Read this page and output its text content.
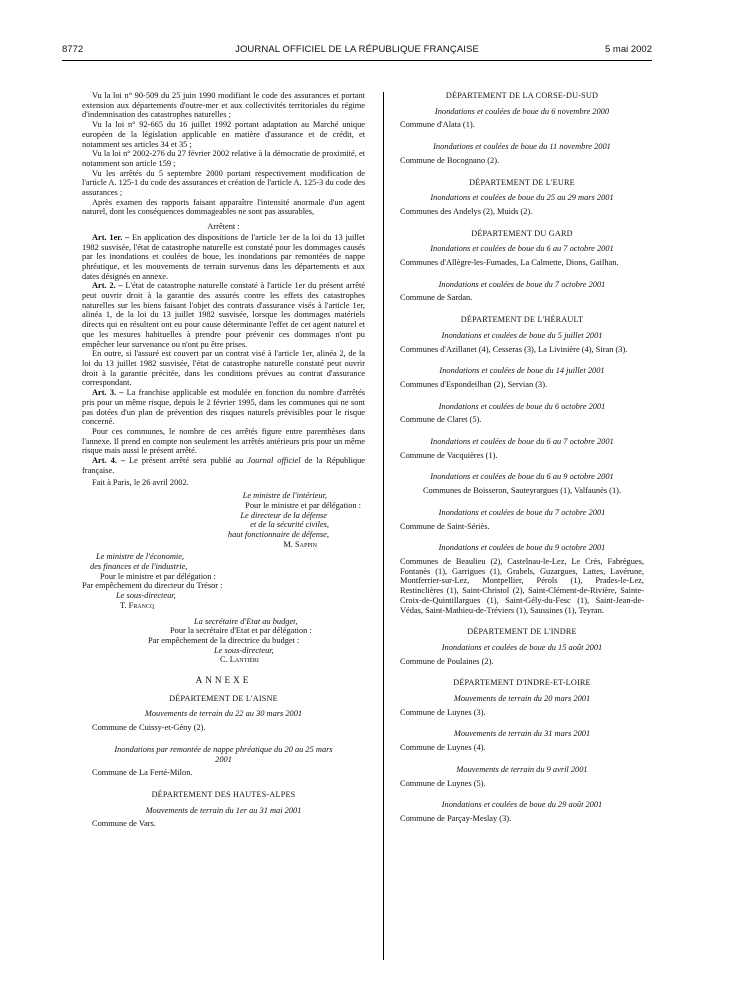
8772	JOURNAL OFFICIEL DE LA RÉPUBLIQUE FRANÇAISE	5 mai 2002

Vu la loi n° 90-509 du 25 juin 1990 modifiant le code des assurances et portant extension aux départements d'outre-mer et aux collectivités territoriales du régime d'indemnisation des catastrophes naturelles ;

Vu la loi n° 92-665 du 16 juillet 1992 portant adaptation au Marché unique européen de la législation applicable en matière d'assurance et de crédit, et notamment ses articles 34 et 35 ;

Vu la loi n° 2002-276 du 27 février 2002 relative à la démocratie de proximité, et notamment son article 159 ;

Vu les arrêtés du 5 septembre 2000 portant respectivement modification de l'article A. 125-1 du code des assurances et création de l'article A. 125-3 du code des assurances ;

Après examen des rapports faisant apparaître l'intensité anormale d'un agent naturel, dont les conséquences dommageables ne sont pas assurables,

Arrêtent :

Art. 1er. – En application des dispositions de l'article 1er de la loi du 13 juillet 1982 susvisée, l'état de catastrophe naturelle est constaté pour les dommages causés par les inondations et coulées de boue, les inondations par remontées de nappe phréatique, et les mouvements de terrain survenus dans les départements et aux dates désignés en annexe.

Art. 2. – L'état de catastrophe naturelle constaté à l'article 1er du présent arrêté peut ouvrir droit à la garantie des assurés contre les effets des catastrophes naturelles sur les biens faisant l'objet des contrats d'assurance visés à l'article 1er, alinéa 1, de la loi du 13 juillet 1982 susvisée, lorsque les dommages matériels directs qui en résultent ont eu pour cause déterminante l'effet de cet agent naturel et que les mesures habituelles à prendre pour prévenir ces dommages n'ont pu empêcher leur survenance ou n'ont pu être prises.

En outre, si l'assuré est couvert par un contrat visé à l'article 1er, alinéa 2, de la loi du 13 juillet 1982 susvisée, l'état de catastrophe naturelle constaté peut ouvrir droit à la garantie précitée, dans les conditions prévues au contrat d'assurance correspondant.

Art. 3. – La franchise applicable est modulée en fonction du nombre d'arrêtés pris pour un même risque, depuis le 2 février 1995, dans les communes qui ne sont pas dotées d'un plan de prévention des risques naturels prévisibles pour le risque concerné.

Pour ces communes, le nombre de ces arrêtés figure entre parenthèses dans l'annexe. Il prend en compte non seulement les arrêtés antérieurs pris pour un même risque mais aussi le présent arrêté.

Art. 4. – Le présent arrêté sera publié au Journal officiel de la République française.

Fait à Paris, le 26 avril 2002.

Le ministre de l'intérieur,

Pour le ministre et par délégation :

Le directeur de la défense

et de la sécurité civiles,

haut fonctionnaire de défense,

M. Sappin

Le ministre de l'économie,

des finances et de l'industrie,

Pour le ministre et par délégation :

Par empêchement du directeur du Trésor :

Le sous-directeur,

T. Francq

La secrétaire d'Etat au budget,

Pour la secrétaire d'Etat et par délégation :

Par empêchement de la directrice du budget :

Le sous-directeur,

C. Lantiéri

ANNEXE

DÉPARTEMENT DE L'AISNE

Mouvements de terrain du 22 au 30 mars 2001

Commune de Cuissy-et-Gény (2).

Inondations par remontée de nappe phréatique du 20 au 25 mars 2001

Commune de La Ferté-Milon.

DÉPARTEMENT DES HAUTES-ALPES

Mouvements de terrain du 1er au 31 mai 2001

Commune de Vars.

DÉPARTEMENT DE LA CORSE-DU-SUD

Inondations et coulées de boue du 6 novembre 2000

Commune d'Alata (1).

Inondations et coulées de boue du 11 novembre 2001

Commune de Bocognano (2).

DÉPARTEMENT DE L'EURE

Inondations et coulées de boue du 25 au 29 mars 2001

Communes des Andelys (2), Muids (2).

DÉPARTEMENT DU GARD

Inondations et coulées de boue du 6 au 7 octobre 2001

Communes d'Allègre-les-Fumades, La Calmette, Dions, Gailhan.

Inondations et coulées de boue du 7 octobre 2001

Commune de Sardan.

DÉPARTEMENT DE L'HÉRAULT

Inondations et coulées de boue du 5 juillet 2001

Communes d'Azillanet (4), Cesseras (3), La Livinière (4), Siran (3).

Inondations et coulées de boue du 14 juillet 2001

Communes d'Espondeilhan (2), Servian (3).

Inondations et coulées de boue du 6 octobre 2001

Commune de Claret (5).

Inondations et coulées de boue du 6 au 7 octobre 2001

Commune de Vacquières (1).

Inondations et coulées de boue du 6 au 9 octobre 2001

Communes de Boisseron, Sauteyrargues (1), Valfaunès (1).

Inondations et coulées de boue du 7 octobre 2001

Commune de Saint-Sériès.

Inondations et coulées de boue du 9 octobre 2001

Communes de Beaulieu (2), Castelnau-le-Lez, Le Crès, Fabrègues, Fontanès (1), Garrigues (1), Grabels, Guzargues, Lattes, Lavérune, Montferrier-sur-Lez, Montpellier, Pérols (1), Prades-le-Lez, Restinclières (1), Saint-Christol (2), Saint-Clément-de-Rivière, Sainte-Croix-de-Quintillargues (1), Saint-Gély-du-Fesc (1), Saint-Jean-de-Védas, Saint-Mathieu-de-Tréviers (1), Saussines (1), Teyran.

DÉPARTEMENT DE L'INDRE

Inondations et coulées de boue du 15 août 2001

Commune de Poulaines (2).

DÉPARTEMENT D'INDRE-ET-LOIRE

Mouvements de terrain du 20 mars 2001

Commune de Luynes (3).

Mouvements de terrain du 31 mars 2001

Commune de Luynes (4).

Mouvements de terrain du 9 avril 2001

Commune de Luynes (5).

Inondations et coulées de boue du 29 août 2001

Commune de Parçay-Meslay (3).
